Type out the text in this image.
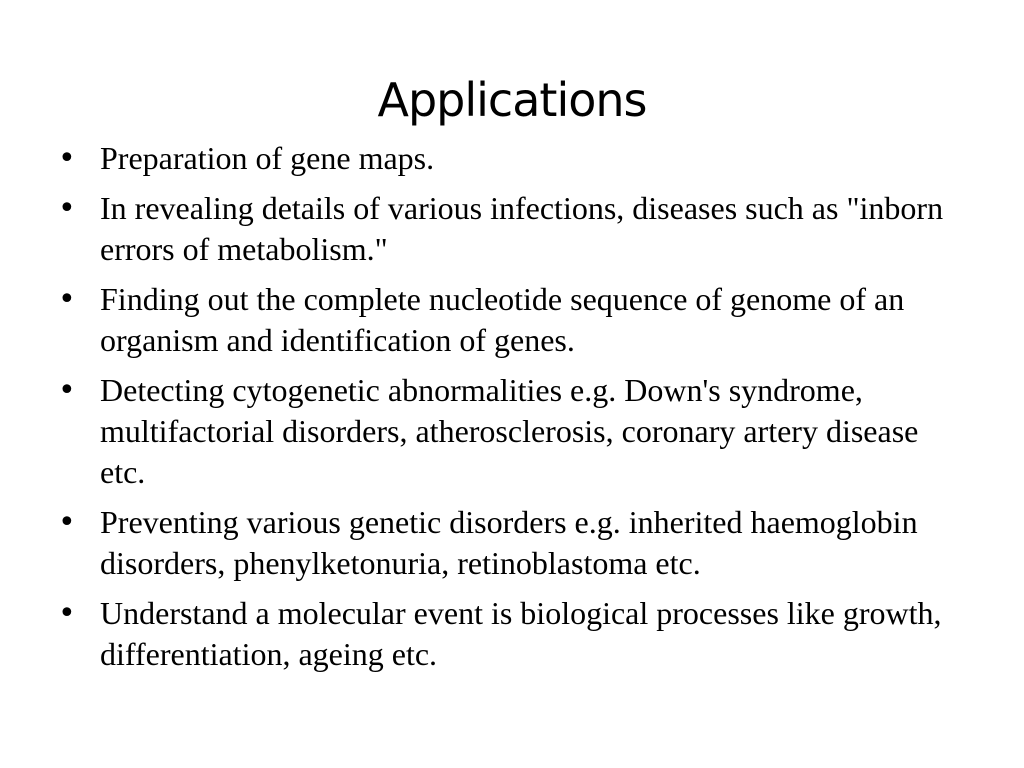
Applications
• Preparation of gene maps.
• In revealing details of various infections, diseases such as "inborn errors of metabolism."
• Finding out the complete nucleotide sequence of genome of an organism and identification of genes.
• Detecting cytogenetic abnormalities e.g. Down's syndrome, multifactorial disorders, atherosclerosis, coronary artery disease etc.
• Preventing various genetic disorders e.g. inherited haemoglobin disorders, phenylketonuria, retinoblastoma etc.
• Understand a molecular event is biological processes like growth, differentiation, ageing etc.
